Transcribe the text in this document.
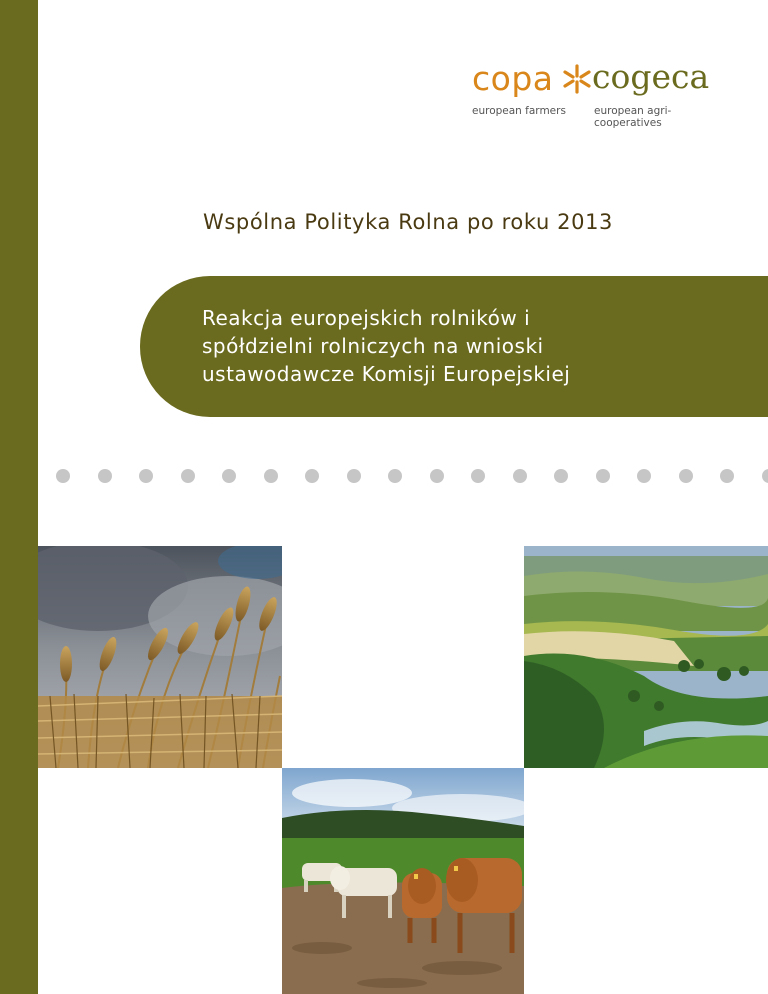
copa cogeca
european farmers	european agri-cooperatives
Wspólna Polityka Rolna po roku 2013
Reakcja europejskich rolników i
spółdzielni rolniczych na wnioski
ustawodawcze Komisji Europejskiej
